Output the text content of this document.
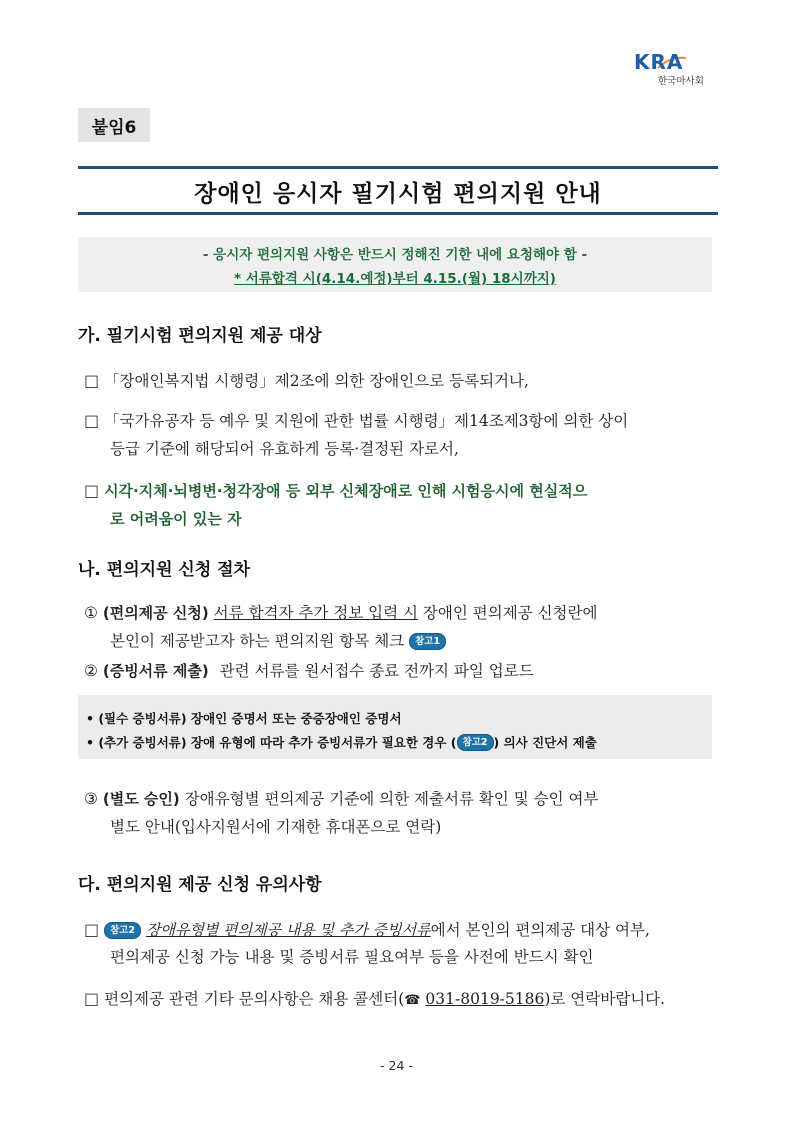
KRA
한국마사회
붙임6
장애인 응시자 필기시험 편의지원 안내
- 응시자 편의지원 사항은 반드시 정해진 기한 내에 요청해야 함 -
* 서류합격 시(4.14.예정)부터 4.15.(월) 18시까지)
가. 필기시험 편의지원 제공 대상
□ 「장애인복지법 시행령」제2조에 의한 장애인으로 등록되거나,
□ 「국가유공자 등 예우 및 지원에 관한 법률 시행령」제14조제3항에 의한 상이
등급 기준에 해당되어 유효하게 등록·결정된 자로서,
□ 시각·지체·뇌병변·청각장애 등 외부 신체장애로 인해 시험응시에 현실적으
로 어려움이 있는 자
나. 편의지원 신청 절차
① (편의제공 신청) 서류 합격자 추가 정보 입력 시 장애인 편의제공 신청란에
본인이 제공받고자 하는 편의지원 항목 체크 참고1
② (증빙서류 제출) 관련 서류를 원서접수 종료 전까지 파일 업로드
• (필수 증빙서류) 장애인 증명서 또는 중증장애인 증명서
• (추가 증빙서류) 장애 유형에 따라 추가 증빙서류가 필요한 경우 ( 참고2 ) 의사 진단서 제출
③ (별도 승인) 장애유형별 편의제공 기준에 의한 제출서류 확인 및 승인 여부
별도 안내(입사지원서에 기재한 휴대폰으로 연락)
다. 편의지원 제공 신청 유의사항
□ 참고2 장애유형별 편의제공 내용 및 추가 증빙서류에서 본인의 편의제공 대상 여부,
편의제공 신청 가능 내용 및 증빙서류 필요여부 등을 사전에 반드시 확인
□ 편의제공 관련 기타 문의사항은 채용 콜센터(☎ 031-8019-5186)로 연락바랍니다.
- 24 -
